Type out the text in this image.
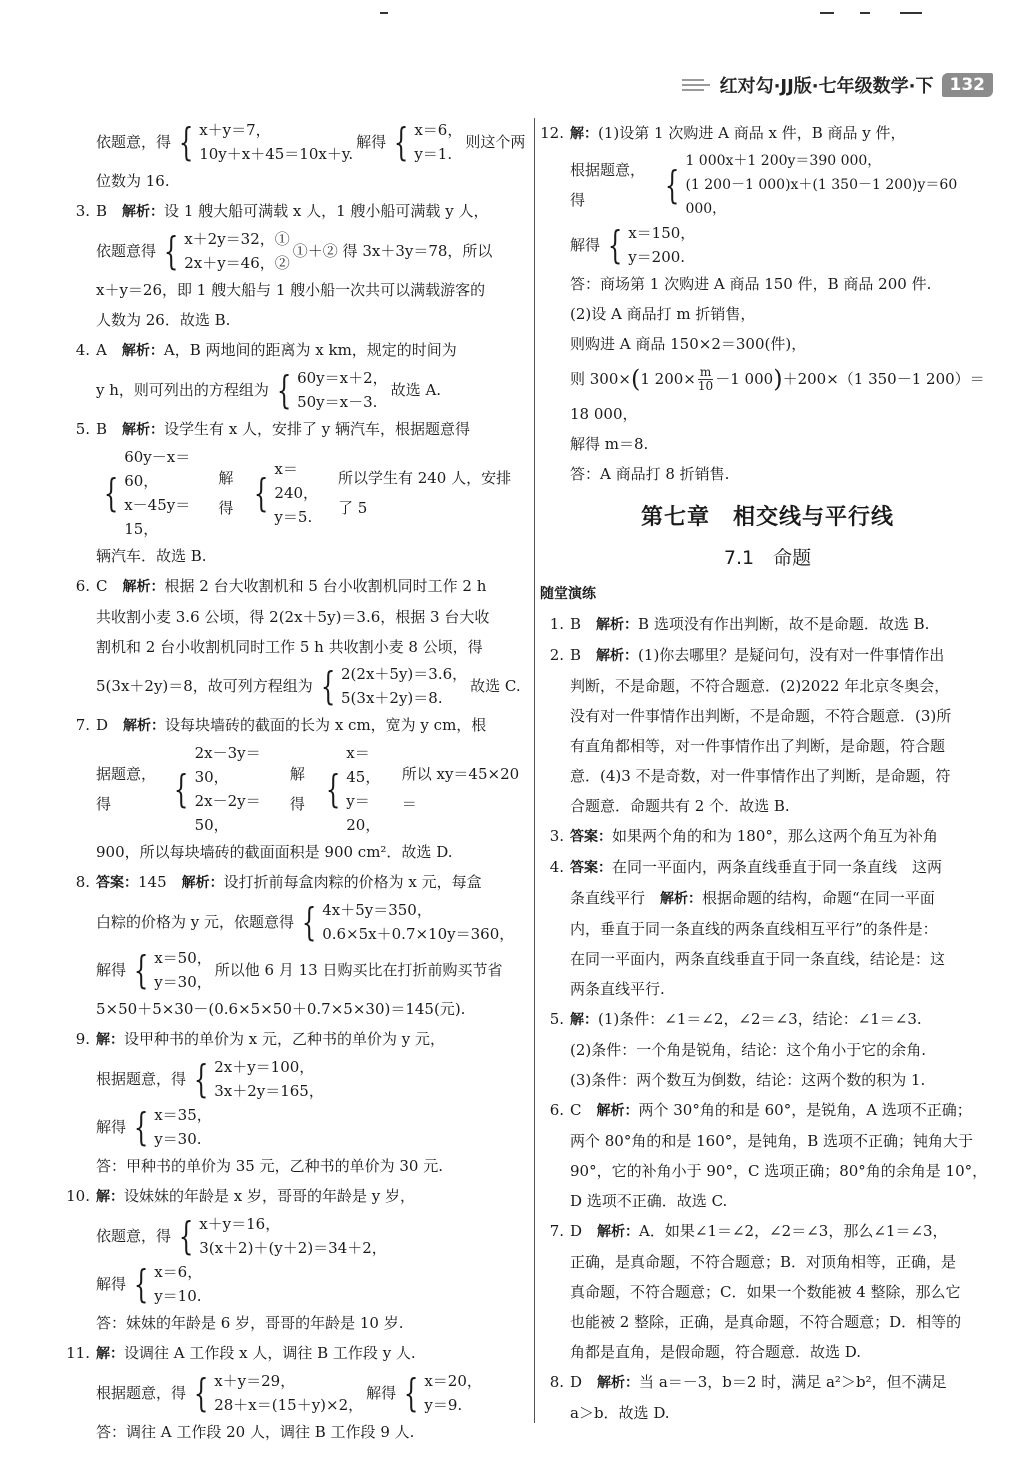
红对勾·JJ版·七年级数学·下 132
依题意，得 { x＋y＝7，
10y＋x＋45＝10x＋y.
解得 { x＝6，
y＝1.
则这个两
位数为 16.
3. B　 解析：设 1 艘大船可满载 x 人，1 艘小船可满载 y 人，
依题意得 { x＋2y＝32，①
2x＋y＝46，②
①＋② 得 3x＋3y＝78，所以
x＋y＝26，即 1 艘大船与 1 艘小船一次共可以满载游客的
人数为 26．故选 B.
4. A　 解析：A，B 两地间的距离为 x km，规定的时间为
y h，则可列出的方程组为 { 60y＝x＋2，
50y＝x－3.
故选 A.
5. B　 解析：设学生有 x 人，安排了 y 辆汽车，根据题意得
{
60y－x＝60，
x－45y＝15，
解得 {
x＝240，
y＝5.
所以学生有 240 人，安排了 5
辆汽车．故选 B.
6. C　 解析：根据 2 台大收割机和 5 台小收割机同时工作 2 h
共收割小麦 3.6 公顷，得 2(2x＋5y)＝3.6，根据 3 台大收
割机和 2 台小收割机同时工作 5 h 共收割小麦 8 公顷，得
5(3x＋2y)＝8，故可列方程组为 { 2(2x＋5y)＝3.6，
5(3x＋2y)＝8.
故选 C.
7. D　 解析：设每块墙砖的截面的长为 x cm，宽为 y cm，根
据题意，得	{
2x－3y＝30，
2x－2y＝50，
解得 {
x＝45，
y＝20，
所以 xy＝45×20＝
900，所以每块墙砖的截面面积是 900 cm²．故选 D.
8. 答案：145　 解析：设打折前每盒肉粽的价格为 x 元，每盒
白粽的价格为 y 元，依题意得 { 4x＋5y＝350，
0.6×5x＋0.7×10y＝360，
解得 { x＝50，
y＝30，
所以他 6 月 13 日购买比在打折前购买节省
5×50＋5×30－(0.6×5×50＋0.7×5×30)＝145(元).
9. 解：设甲种书的单价为 x 元，乙种书的单价为 y 元，
根据题意，得 { 2x＋y＝100，
3x＋2y＝165，
解得 { x＝35，
y＝30.
答：甲种书的单价为 35 元，乙种书的单价为 30 元.
10. 解：设妹妹的年龄是 x 岁，哥哥的年龄是 y 岁，
依题意，得 { x＋y＝16，
3(x＋2)＋(y＋2)＝34＋2，
解得 { x＝6，
y＝10.
答：妹妹的年龄是 6 岁，哥哥的年龄是 10 岁.
11. 解：设调往 A 工作段 x 人，调往 B 工作段 y 人.
根据题意，得 { x＋y＝29，
28＋x＝(15＋y)×2，
解得 { x＝20，
y＝9.
答：调往 A 工作段 20 人，调往 B 工作段 9 人.
12. 解：(1)设第 1 次购进 A 商品 x 件，B 商品 y 件，
根据题意，得	{
1 000x＋1 200y＝390 000，
(1 200－1 000)x＋(1 350－1 200)y＝60 000，
解得 { x＝150，
y＝200.
答：商场第 1 次购进 A 商品 150 件，B 商品 200 件.
(2)设 A 商品打 m 折销售，
则购进 A 商品 150×2＝300(件)，
则 300× ( 1 $200\times \frac{m}{10} -1$ 000 ) ＋200×（1 350－1 200）＝
18 000，
解得 m＝8.
答：A 商品打 8 折销售.
第七章　相交线与平行线
7.1　命题
随堂演练
1. B　 解析：B 选项没有作出判断，故不是命题．故选 B.
2. B　 解析：(1)你去哪里？是疑问句，没有对一件事情作出
判断，不是命题，不符合题意．(2)2022 年北京冬奥会，
没有对一件事情作出判断，不是命题，不符合题意．(3)所
有直角都相等，对一件事情作出了判断，是命题，符合题
意．(4)3 不是奇数，对一件事情作出了判断，是命题，符
合题意．命题共有 2 个．故选 B.
3. 答案：如果两个角的和为 180°，那么这两个角互为补角
4. 答案：在同一平面内，两条直线垂直于同一条直线　这两
条直线平行　 解析：根据命题的结构，命题“在同一平面
内，垂直于同一条直线的两条直线相互平行”的条件是：
在同一平面内，两条直线垂直于同一条直线，结论是：这
两条直线平行.
5. 解：(1)条件：∠1＝∠2，∠2＝∠3，结论：∠1＝∠3.
(2)条件：一个角是锐角，结论：这个角小于它的余角.
(3)条件：两个数互为倒数，结论：这两个数的积为 1.
6. C　 解析：两个 30°角的和是 60°，是锐角，A 选项不正确；
两个 80°角的和是 160°，是钝角，B 选项不正确；钝角大于
90°，它的补角小于 90°，C 选项正确；80°角的余角是 10°，
D 选项不正确．故选 C.
7. D　 解析：A．如果∠1＝∠2，∠2＝∠3，那么∠1＝∠3，
正确，是真命题，不符合题意；B．对顶角相等，正确，是
真命题，不符合题意；C．如果一个数能被 4 整除，那么它
也能被 2 整除，正确，是真命题，不符合题意；D．相等的
角都是直角，是假命题，符合题意．故选 D.
8. D　 解析：当 a＝－3，b＝2 时，满足 a²＞b²，但不满足
a＞b．故选 D.
